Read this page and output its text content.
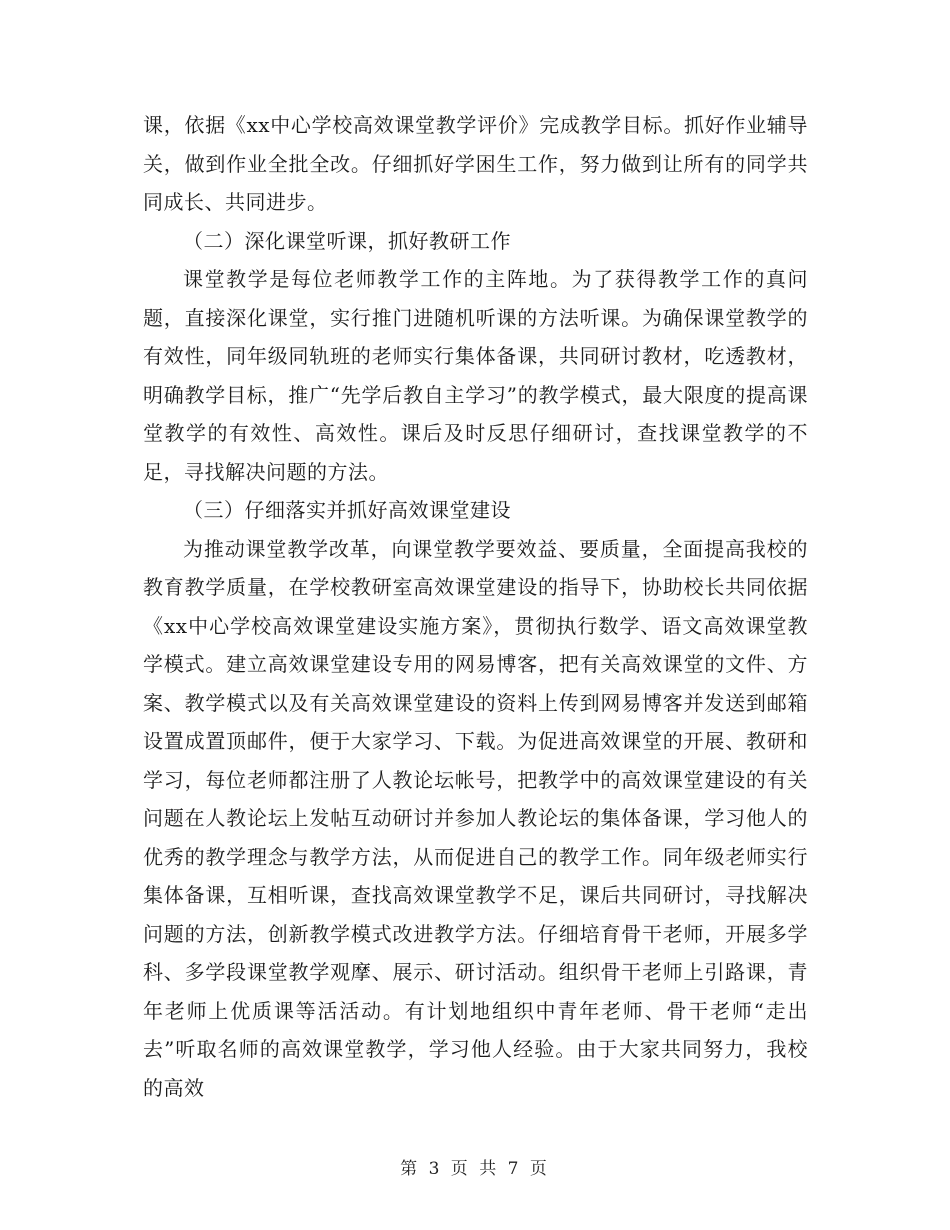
课，依据《xx中心学校高效课堂教学评价》完成教学目标。抓好作业辅导关，做到作业全批全改。仔细抓好学困生工作，努力做到让所有的同学共同成长、共同进步。

（二）深化课堂听课，抓好教研工作

课堂教学是每位老师教学工作的主阵地。为了获得教学工作的真问题，直接深化课堂，实行推门进随机听课的方法听课。为确保课堂教学的有效性，同年级同轨班的老师实行集体备课，共同研讨教材，吃透教材，明确教学目标，推广“先学后教自主学习”的教学模式，最大限度的提高课堂教学的有效性、高效性。课后及时反思仔细研讨，查找课堂教学的不足，寻找解决问题的方法。

（三）仔细落实并抓好高效课堂建设

为推动课堂教学改革，向课堂教学要效益、要质量，全面提高我校的教育教学质量，在学校教研室高效课堂建设的指导下，协助校长共同依据《xx中心学校高效课堂建设实施方案》，贯彻执行数学、语文高效课堂教学模式。建立高效课堂建设专用的网易博客，把有关高效课堂的文件、方案、教学模式以及有关高效课堂建设的资料上传到网易博客并发送到邮箱设置成置顶邮件，便于大家学习、下载。为促进高效课堂的开展、教研和学习，每位老师都注册了人教论坛帐号，把教学中的高效课堂建设的有关问题在人教论坛上发帖互动研讨并参加人教论坛的集体备课，学习他人的优秀的教学理念与教学方法，从而促进自己的教学工作。同年级老师实行集体备课，互相听课，查找高效课堂教学不足，课后共同研讨，寻找解决问题的方法，创新教学模式改进教学方法。仔细培育骨干老师，开展多学科、多学段课堂教学观摩、展示、研讨活动。组织骨干老师上引路课，青年老师上优质课等活活动。有计划地组织中青年老师、骨干老师“走出去”听取名师的高效课堂教学，学习他人经验。由于大家共同努力，我校的高效

第 3 页 共 7 页
